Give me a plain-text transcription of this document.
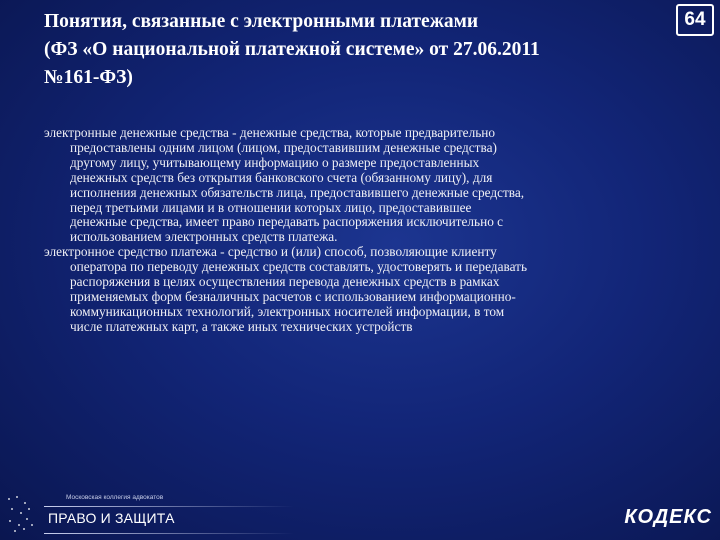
Понятия, связанные с электронными платежами
(ФЗ «О национальной платежной системе» от 27.06.2011
№161-ФЗ)
64

электронные денежные средства - денежные средства, которые предварительно
предоставлены одним лицом (лицом, предоставившим денежные средства)
другому лицу, учитывающему информацию о размере предоставленных
денежных средств без открытия банковского счета (обязанному лицу), для
исполнения денежных обязательств лица, предоставившего денежные средства,
перед третьими лицами и в отношении которых лицо, предоставившее
денежные средства, имеет право передавать распоряжения исключительно с
использованием электронных средств платежа.

электронное средство платежа - средство и (или) способ, позволяющие клиенту
оператора по переводу денежных средств составлять, удостоверять и передавать
распоряжения в целях осуществления перевода денежных средств в рамках
применяемых форм безналичных расчетов с использованием информационно-
коммуникационных технологий, электронных носителей информации, в том
числе платежных карт, а также иных технических устройств

Московская коллегия адвокатов
ПРАВО И ЗАЩИТА	КОДЕКС
